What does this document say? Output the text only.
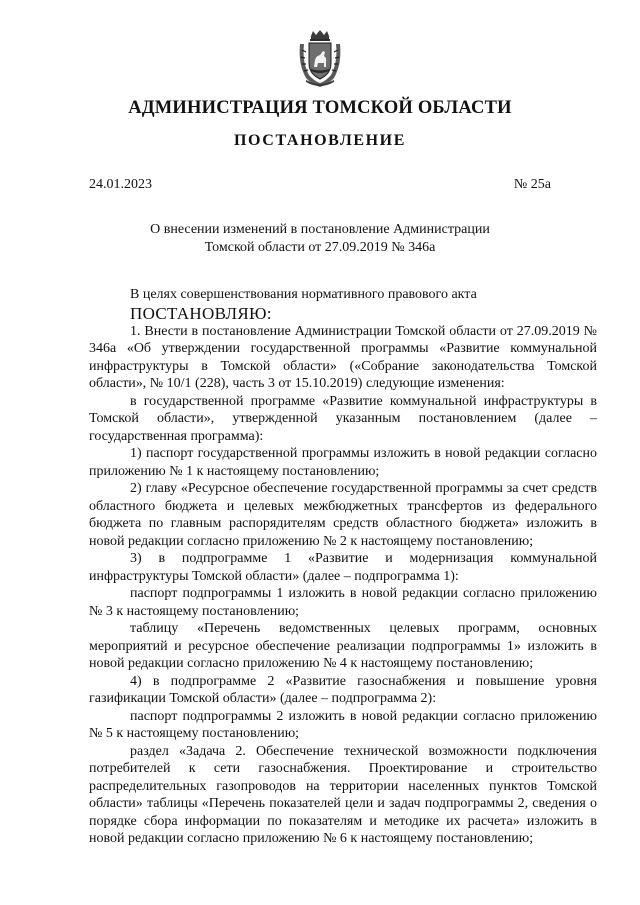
АДМИНИСТРАЦИЯ ТОМСКОЙ ОБЛАСТИ
ПОСТАНОВЛЕНИЕ
24.01.2023	№ 25а
О внесении изменений в постановление Администрации
Томской области от 27.09.2019 № 346а

В целях совершенствования нормативного правового акта

ПОСТАНОВЛЯЮ:

1. Внести в постановление Администрации Томской области от 27.09.2019 № 346а «Об утверждении государственной программы «Развитие коммунальной инфраструктуры в Томской области» («Собрание законодательства Томской области», № 10/1 (228), часть 3 от 15.10.2019) следующие изменения:

в государственной программе «Развитие коммунальной инфраструктуры в Томской области», утвержденной указанным постановлением (далее – государственная программа):

1) паспорт государственной программы изложить в новой редакции согласно приложению № 1 к настоящему постановлению;

2) главу «Ресурсное обеспечение государственной программы за счет средств областного бюджета и целевых межбюджетных трансфертов из федерального бюджета по главным распорядителям средств областного бюджета» изложить в новой редакции согласно приложению № 2 к настоящему постановлению;

3) в подпрограмме 1 «Развитие и модернизация коммунальной инфраструктуры Томской области» (далее – подпрограмма 1):

паспорт подпрограммы 1 изложить в новой редакции согласно приложению № 3 к настоящему постановлению;

таблицу «Перечень ведомственных целевых программ, основных мероприятий и ресурсное обеспечение реализации подпрограммы 1» изложить в новой редакции согласно приложению № 4 к настоящему постановлению;

4) в подпрограмме 2 «Развитие газоснабжения и повышение уровня газификации Томской области» (далее – подпрограмма 2):

паспорт подпрограммы 2 изложить в новой редакции согласно приложению № 5 к настоящему постановлению;

раздел «Задача 2. Обеспечение технической возможности подключения потребителей к сети газоснабжения. Проектирование и строительство распределительных газопроводов на территории населенных пунктов Томской области» таблицы «Перечень показателей цели и задач подпрограммы 2, сведения о порядке сбора информации по показателям и методике их расчета» изложить в новой редакции согласно приложению № 6 к настоящему постановлению;
